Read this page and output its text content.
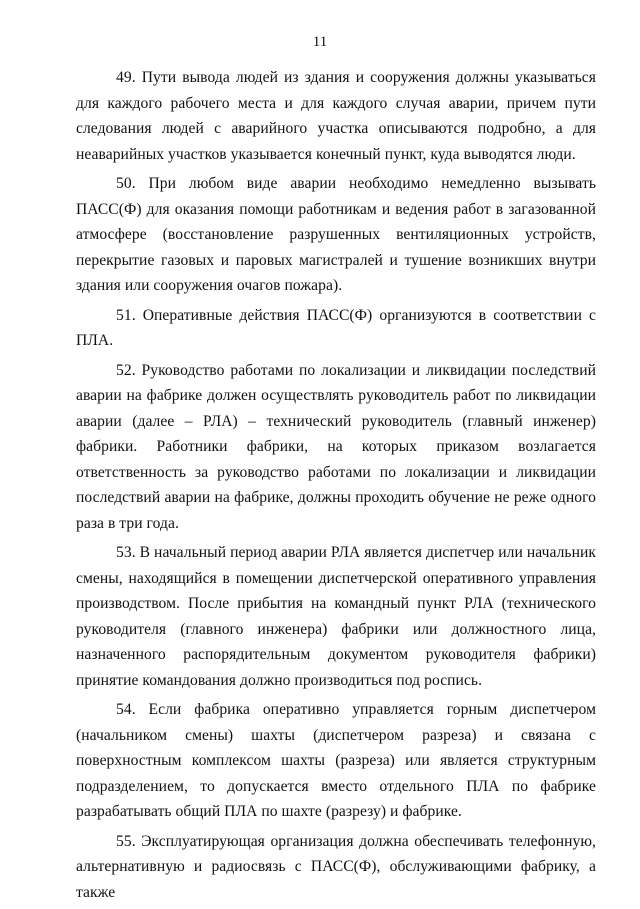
11

49. Пути вывода людей из здания и сооружения должны указываться для каждого рабочего места и для каждого случая аварии, причем пути следования людей с аварийного участка описываются подробно, а для неаварийных участков указывается конечный пункт, куда выводятся люди.

50. При любом виде аварии необходимо немедленно вызывать ПАСС(Ф) для оказания помощи работникам и ведения работ в загазованной атмосфере (восстановление разрушенных вентиляционных устройств, перекрытие газовых и паровых магистралей и тушение возникших внутри здания или сооружения очагов пожара).

51. Оперативные действия ПАСС(Ф) организуются в соответствии с ПЛА.

52. Руководство работами по локализации и ликвидации последствий аварии на фабрике должен осуществлять руководитель работ по ликвидации аварии (далее – РЛА) – технический руководитель (главный инженер) фабрики. Работники фабрики, на которых приказом возлагается ответственность за руководство работами по локализации и ликвидации последствий аварии на фабрике, должны проходить обучение не реже одного раза в три года.

53. В начальный период аварии РЛА является диспетчер или начальник смены, находящийся в помещении диспетчерской оперативного управления производством. После прибытия на командный пункт РЛА (технического руководителя (главного инженера) фабрики или должностного лица, назначенного распорядительным документом руководителя фабрики) принятие командования должно производиться под роспись.

54. Если фабрика оперативно управляется горным диспетчером (начальником смены) шахты (диспетчером разреза) и связана с поверхностным комплексом шахты (разреза) или является структурным подразделением, то допускается вместо отдельного ПЛА по фабрике разрабатывать общий ПЛА по шахте (разрезу) и фабрике.

55. Эксплуатирующая организация должна обеспечивать телефонную, альтернативную и радиосвязь с ПАСС(Ф), обслуживающими фабрику, а также
